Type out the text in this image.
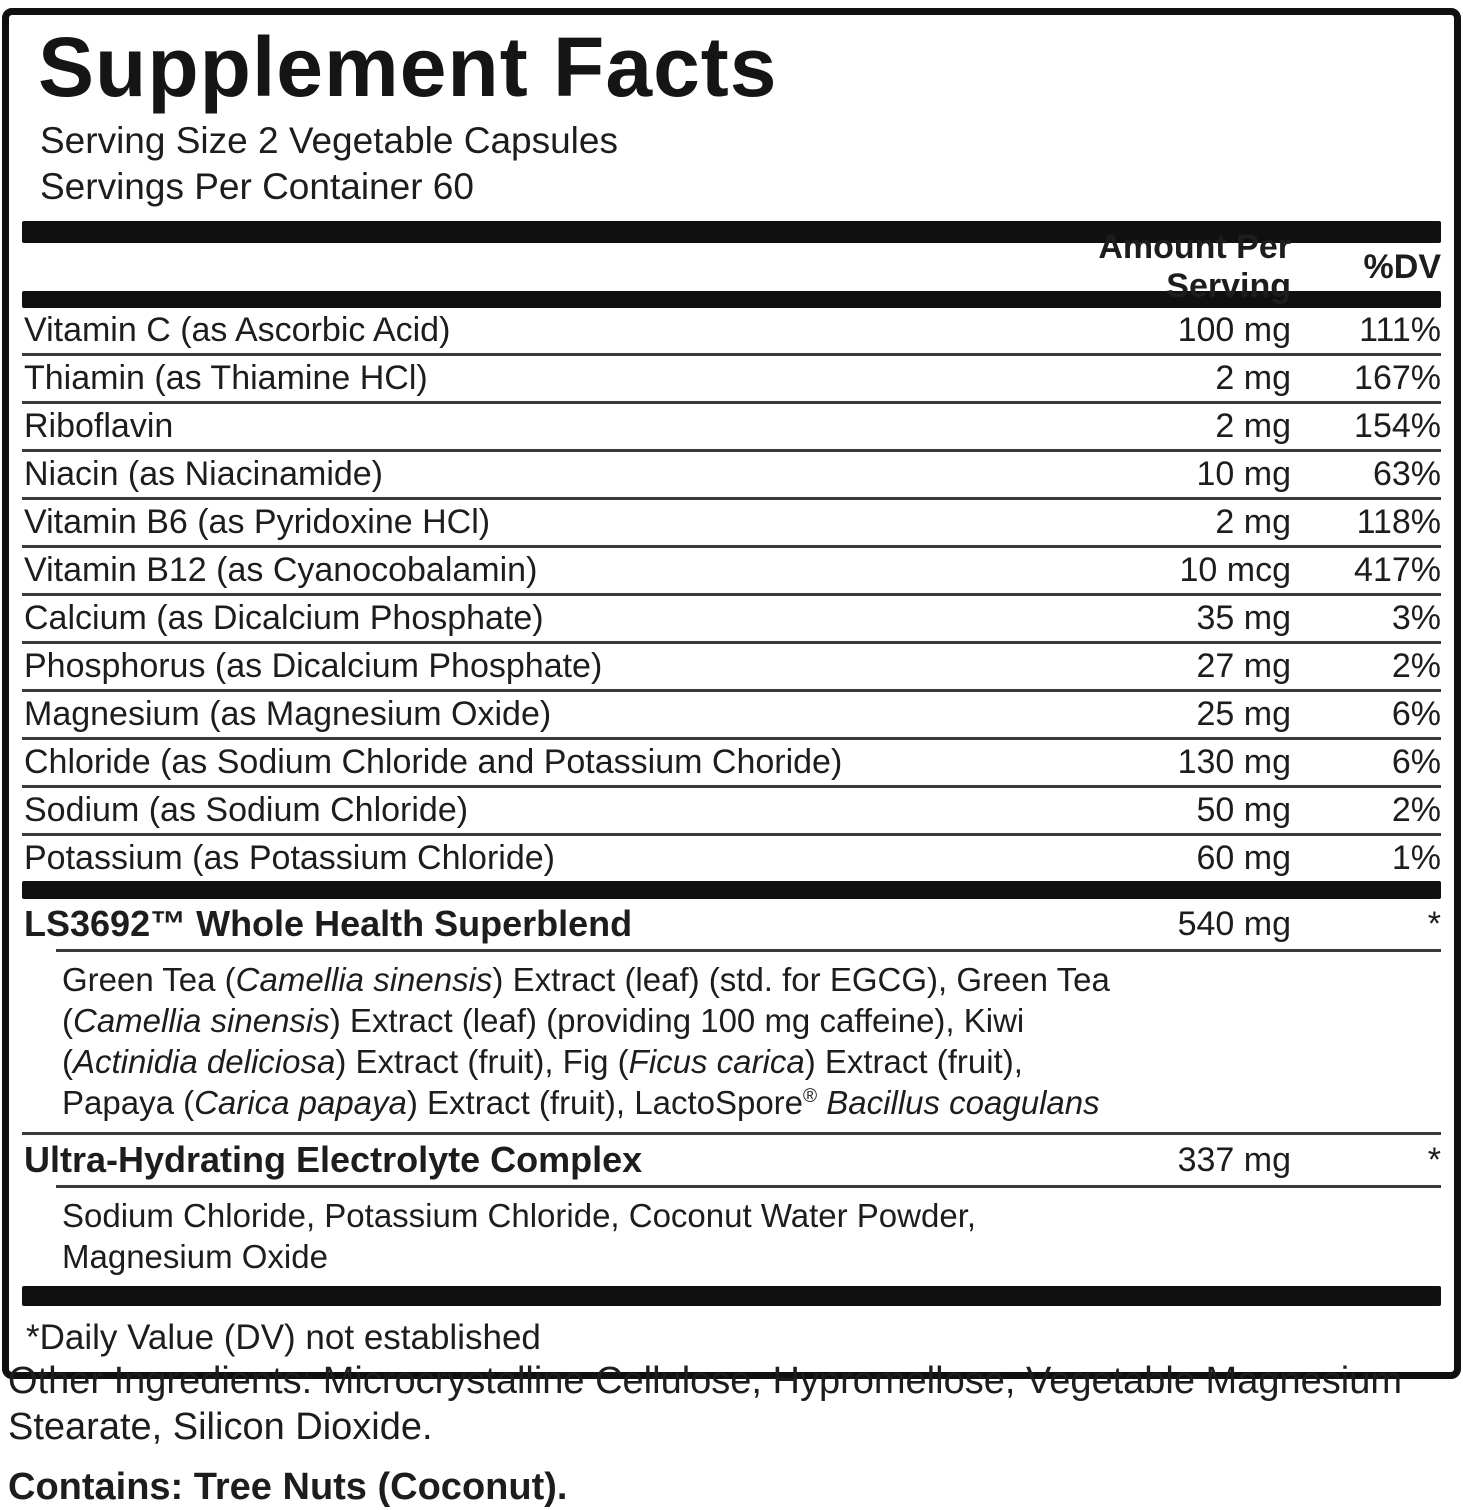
Supplement Facts
Serving Size 2 Vegetable Capsules
Servings Per Container 60
Amount Per Serving
%DV
Vitamin C (as Ascorbic Acid)	100 mg	111%
Thiamin (as Thiamine HCl)	2 mg	167%
Riboflavin	2 mg	154%
Niacin (as Niacinamide)	10 mg	63%
Vitamin B6 (as Pyridoxine HCl)	2 mg	118%
Vitamin B12 (as Cyanocobalamin)	10 mcg	417%
Calcium (as Dicalcium Phosphate)	35 mg	3%
Phosphorus (as Dicalcium Phosphate)	27 mg	2%
Magnesium (as Magnesium Oxide)	25 mg	6%
Chloride (as Sodium Chloride and Potassium Choride)	130 mg	6%
Sodium (as Sodium Chloride)	50 mg	2%
Potassium (as Potassium Chloride)	60 mg	1%
LS3692™ Whole Health Superblend	540 mg	*
Green Tea (Camellia sinensis) Extract (leaf) (std. for EGCG), Green Tea
(Camellia sinensis) Extract (leaf) (providing 100 mg caffeine), Kiwi
(Actinidia deliciosa) Extract (fruit), Fig (Ficus carica) Extract (fruit),
Papaya (Carica papaya) Extract (fruit), LactoSpore® Bacillus coagulans
Ultra-Hydrating Electrolyte Complex	337 mg	*
Sodium Chloride, Potassium Chloride, Coconut Water Powder,
Magnesium Oxide
*Daily Value (DV) not established
Other Ingredients: Microcrystalline Cellulose, Hypromellose, Vegetable Magnesium
Stearate, Silicon Dioxide.
Contains: Tree Nuts (Coconut).
